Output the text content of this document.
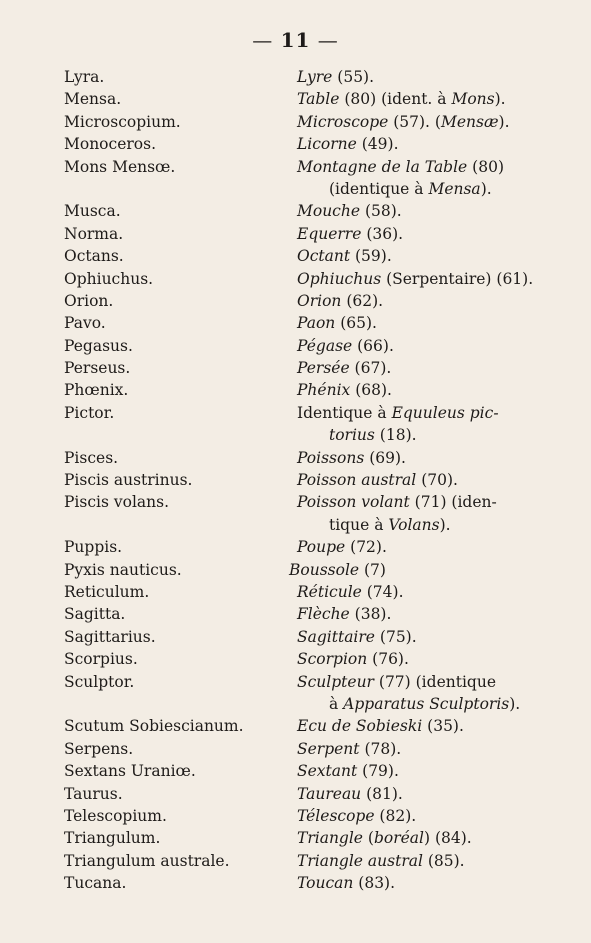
— 11 —
Lyra.	Lyre (55).
Mensa.	Table (80) (ident. à Mons).
Microscopium.	Microscope (57). (Mensæ).
Monoceros.	Licorne (49).
Mons Mensœ.	Montagne de la Table (80)
(identique à Mensa).
Musca.	Mouche (58).
Norma.	Equerre (36).
Octans.	Octant (59).
Ophiuchus.	Ophiuchus (Serpentaire) (61).
Orion.	Orion (62).
Pavo.	Paon (65).
Pegasus.	Pégase (66).
Perseus.	Persée (67).
Phœnix.	Phénix (68).
Pictor.	Identique à Equuleus pic-
torius (18).
Pisces.	Poissons (69).
Piscis austrinus.	Poisson austral (70).
Piscis volans.	Poisson volant (71) (iden-
tique à Volans).
Puppis.	Poupe (72).
Pyxis nauticus.	Boussole (7)
Reticulum.	Réticule (74).
Sagitta.	Flèche (38).
Sagittarius.	Sagittaire (75).
Scorpius.	Scorpion (76).
Sculptor.	Sculpteur (77) (identique
à Apparatus Sculptoris).
Scutum Sobiescianum.	Ecu de Sobieski (35).
Serpens.	Serpent (78).
Sextans Uraniœ.	Sextant (79).
Taurus.	Taureau (81).
Telescopium.	Télescope (82).
Triangulum.	Triangle (boréal) (84).
Triangulum australe.	Triangle austral (85).
Tucana.	Toucan (83).
